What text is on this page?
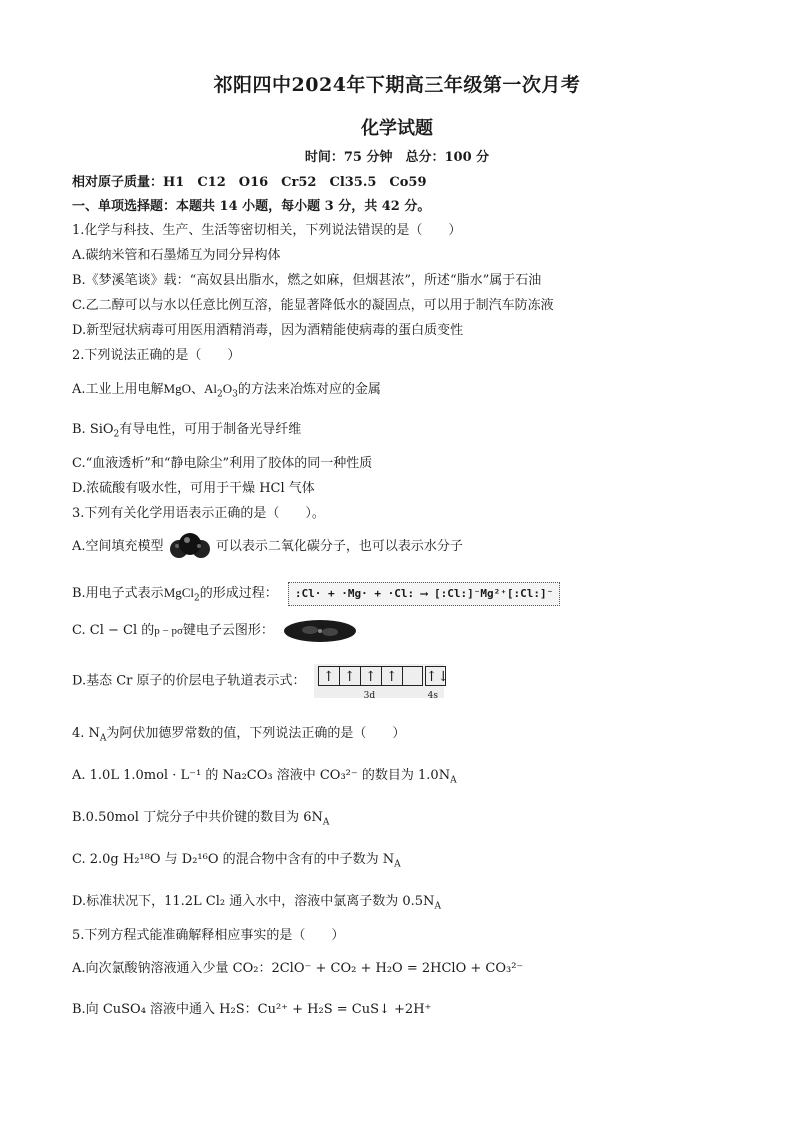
祁阳四中2024年下期高三年级第一次月考
化学试题
时间：75 分钟　总分：100 分
相对原子质量：H1　C12　O16　Cr52　Cl35.5　Co59
一、单项选择题：本题共 14 小题，每小题 3 分，共 42 分。
1.化学与科技、生产、生活等密切相关，下列说法错误的是（　　）
A.碳纳米管和石墨烯互为同分异构体
B.《梦溪笔谈》载：“高奴县出脂水，燃之如麻，但烟甚浓”，所述“脂水”属于石油
C.乙二醇可以与水以任意比例互溶，能显著降低水的凝固点，可以用于制汽车防冻液
D.新型冠状病毒可用医用酒精消毒，因为酒精能使病毒的蛋白质变性
2.下列说法正确的是（　　）
A.工业上用电解MgO、$Al_2O_3$的方法来冶炼对应的金属
B. SiO$_2$有导电性，可用于制备光导纤维
C.“血液透析”和“静电除尘”利用了胶体的同一种性质
D.浓硫酸有吸水性，可用于干燥 HCl 气体
3.下列有关化学用语表示正确的是（　　）。
A.空间填充模型	可以表示二氧化碳分子，也可以表示水分子
B.用电子式表示MgCl$_2$的形成过程： :Cl· + ·Mg· + ·Cl: ⟶ [:Cl:]⁻Mg²⁺[:Cl:]⁻
C. Cl − Cl 的p − pσ键电子云图形：
D.基态 Cr 原子的价层电子轨道表示式：	↑ ↑ ↑ ↑	↑↓
3d	4s
4. $N_A$为阿伏加德罗常数的值，下列说法正确的是（　　）
A. 1.0L 1.0mol · L⁻¹ 的 Na₂CO₃ 溶液中 CO₃²⁻ 的数目为 $1.0N_A$
B.0.50mol 丁烷分子中共价键的数目为 $6N_A$
C. 2.0g H₂¹⁸O 与 D₂¹⁶O 的混合物中含有的中子数为 $N_A$
D.标准状况下，11.2L Cl₂ 通入水中，溶液中氯离子数为 $0.5N_A$
5.下列方程式能准确解释相应事实的是（　　）
A.向次氯酸钠溶液通入少量 CO₂：2ClO⁻ + CO₂ + H₂O = 2HClO + CO₃²⁻
B.向 CuSO₄ 溶液中通入 H₂S：Cu²⁺ + H₂S = CuS↓ +2H⁺
